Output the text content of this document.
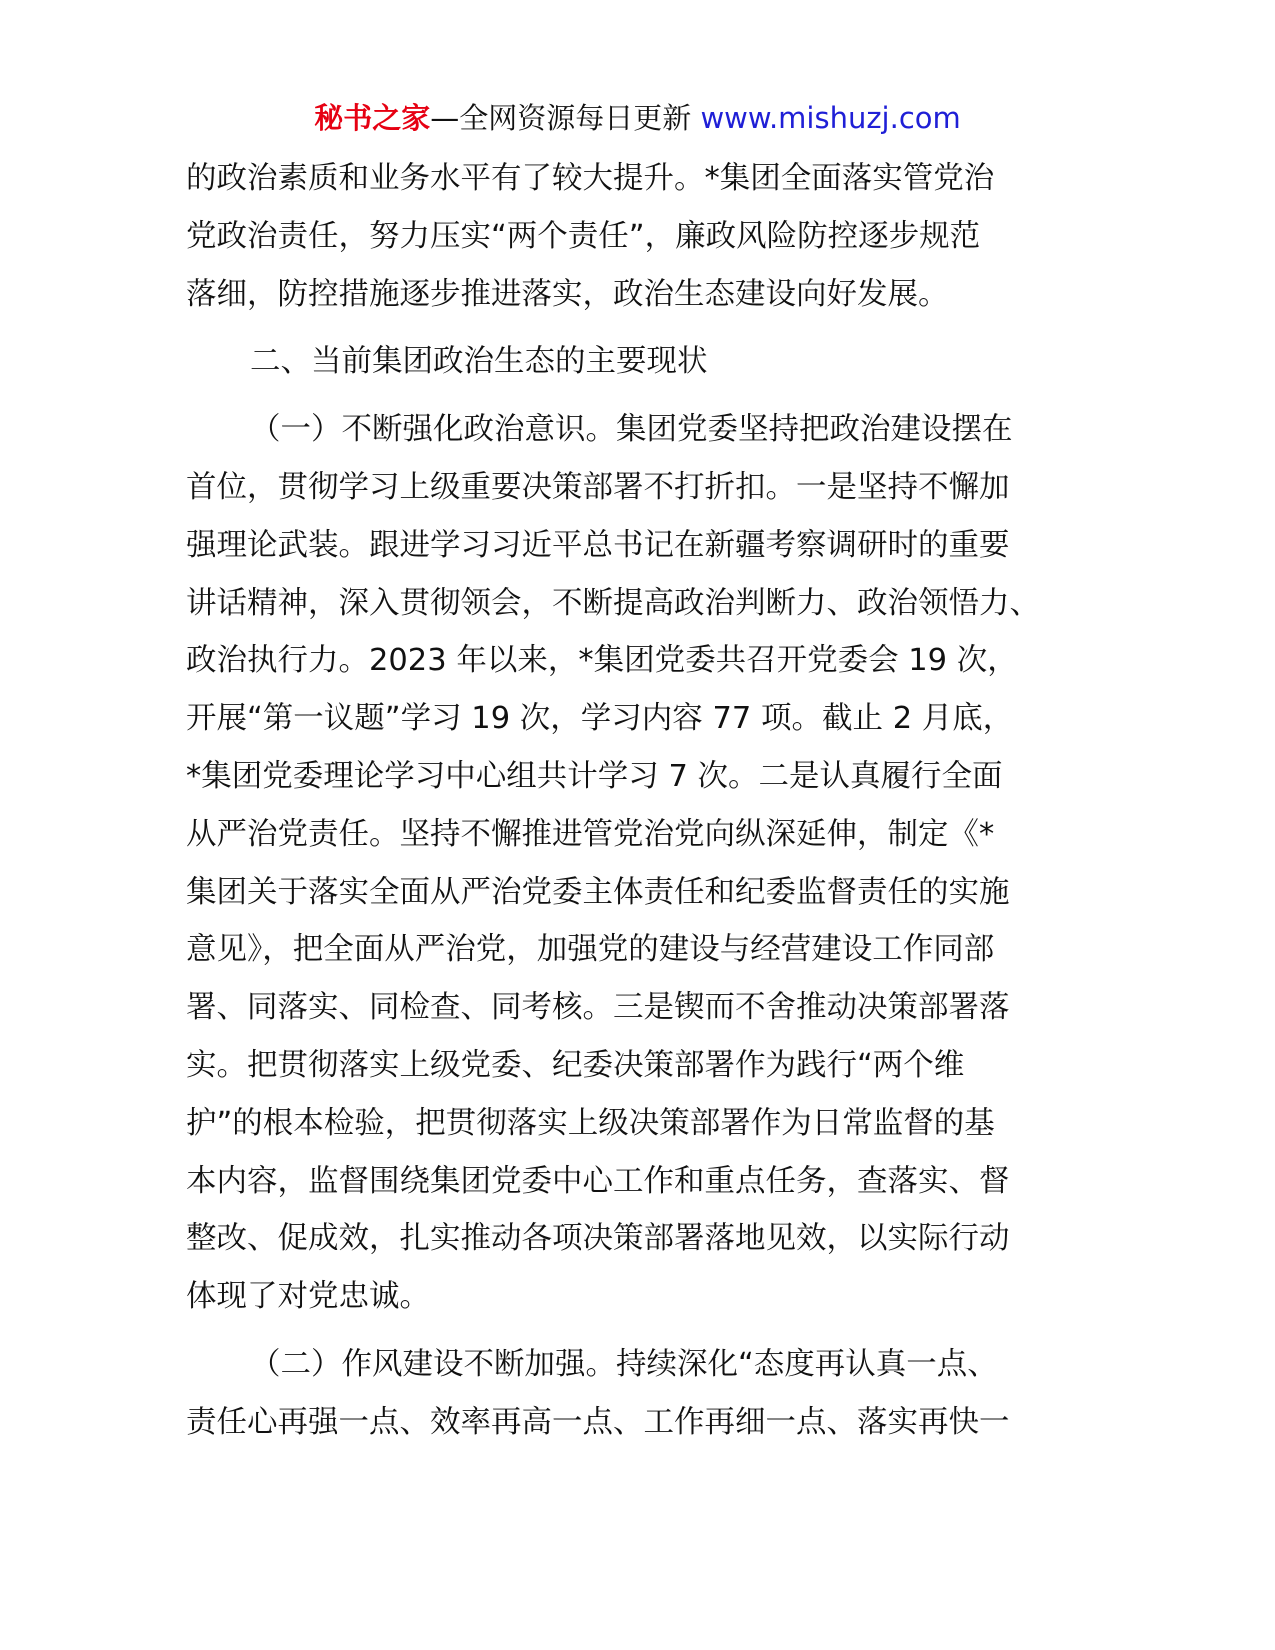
秘书之家—全网资源每日更新 www.mishuzj.com
的政治素质和业务水平有了较大提升。*集团全面落实管党治
党政治责任，努力压实“两个责任”，廉政风险防控逐步规范
落细，防控措施逐步推进落实，政治生态建设向好发展。
二、当前集团政治生态的主要现状
（一）不断强化政治意识。集团党委坚持把政治建设摆在
首位，贯彻学习上级重要决策部署不打折扣。一是坚持不懈加
强理论武装。跟进学习习近平总书记在新疆考察调研时的重要
讲话精神，深入贯彻领会，不断提高政治判断力、政治领悟力、
政治执行力。2023 年以来，*集团党委共召开党委会 19 次，
开展“第一议题”学习 19 次，学习内容 77 项。截止 2 月底，
*集团党委理论学习中心组共计学习 7 次。二是认真履行全面
从严治党责任。坚持不懈推进管党治党向纵深延伸，制定《*
集团关于落实全面从严治党委主体责任和纪委监督责任的实施
意见》，把全面从严治党，加强党的建设与经营建设工作同部
署、同落实、同检查、同考核。三是锲而不舍推动决策部署落
实。把贯彻落实上级党委、纪委决策部署作为践行“两个维
护”的根本检验，把贯彻落实上级决策部署作为日常监督的基
本内容，监督围绕集团党委中心工作和重点任务，查落实、督
整改、促成效，扎实推动各项决策部署落地见效，以实际行动
体现了对党忠诚。
（二）作风建设不断加强。持续深化“态度再认真一点、
责任心再强一点、效率再高一点、工作再细一点、落实再快一
